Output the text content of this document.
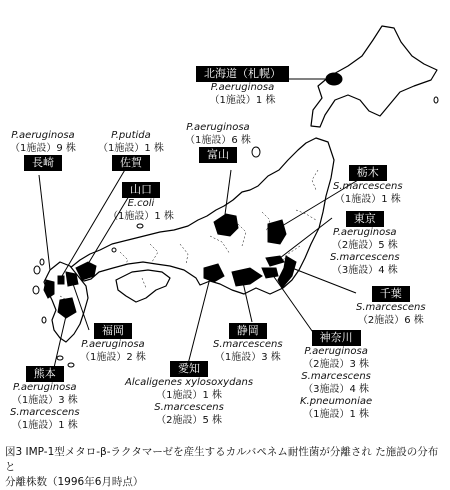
北海道（札幌）
P.aeruginosa
（1施設）1 株
P.aeruginosa
（1施設）6 株
富山
P.aeruginosa
（1施設）9 株
長崎
P.putida
（1施設）1 株
佐賀
山口
E.coli
（1施設）1 株
栃木
S.marcescens
（1施設）1 株
東京
P.aeruginosa
（2施設）5 株
S.marcescens
（3施設）4 株
千葉
S.marcescens
（2施設）6 株
福岡
P.aeruginosa
（1施設）2 株
静岡
S.marcescens
（1施設）3 株
神奈川
P.aeruginosa
（2施設）3 株
S.marcescens
（3施設）4 株
K.pneumoniae
（1施設）1 株
愛知
Alcaligenes xylosoxydans
（1施設）1 株
S.marcescens
（2施設）5 株
熊本
P.aeruginosa
（1施設）3 株
S.marcescens
（1施設）1 株
図3 IMP-1型メタロ-β-ラクタマーゼを産生するカルバペネム耐性菌が分離され た施設の分布と
分離株数（1996年6月時点）
